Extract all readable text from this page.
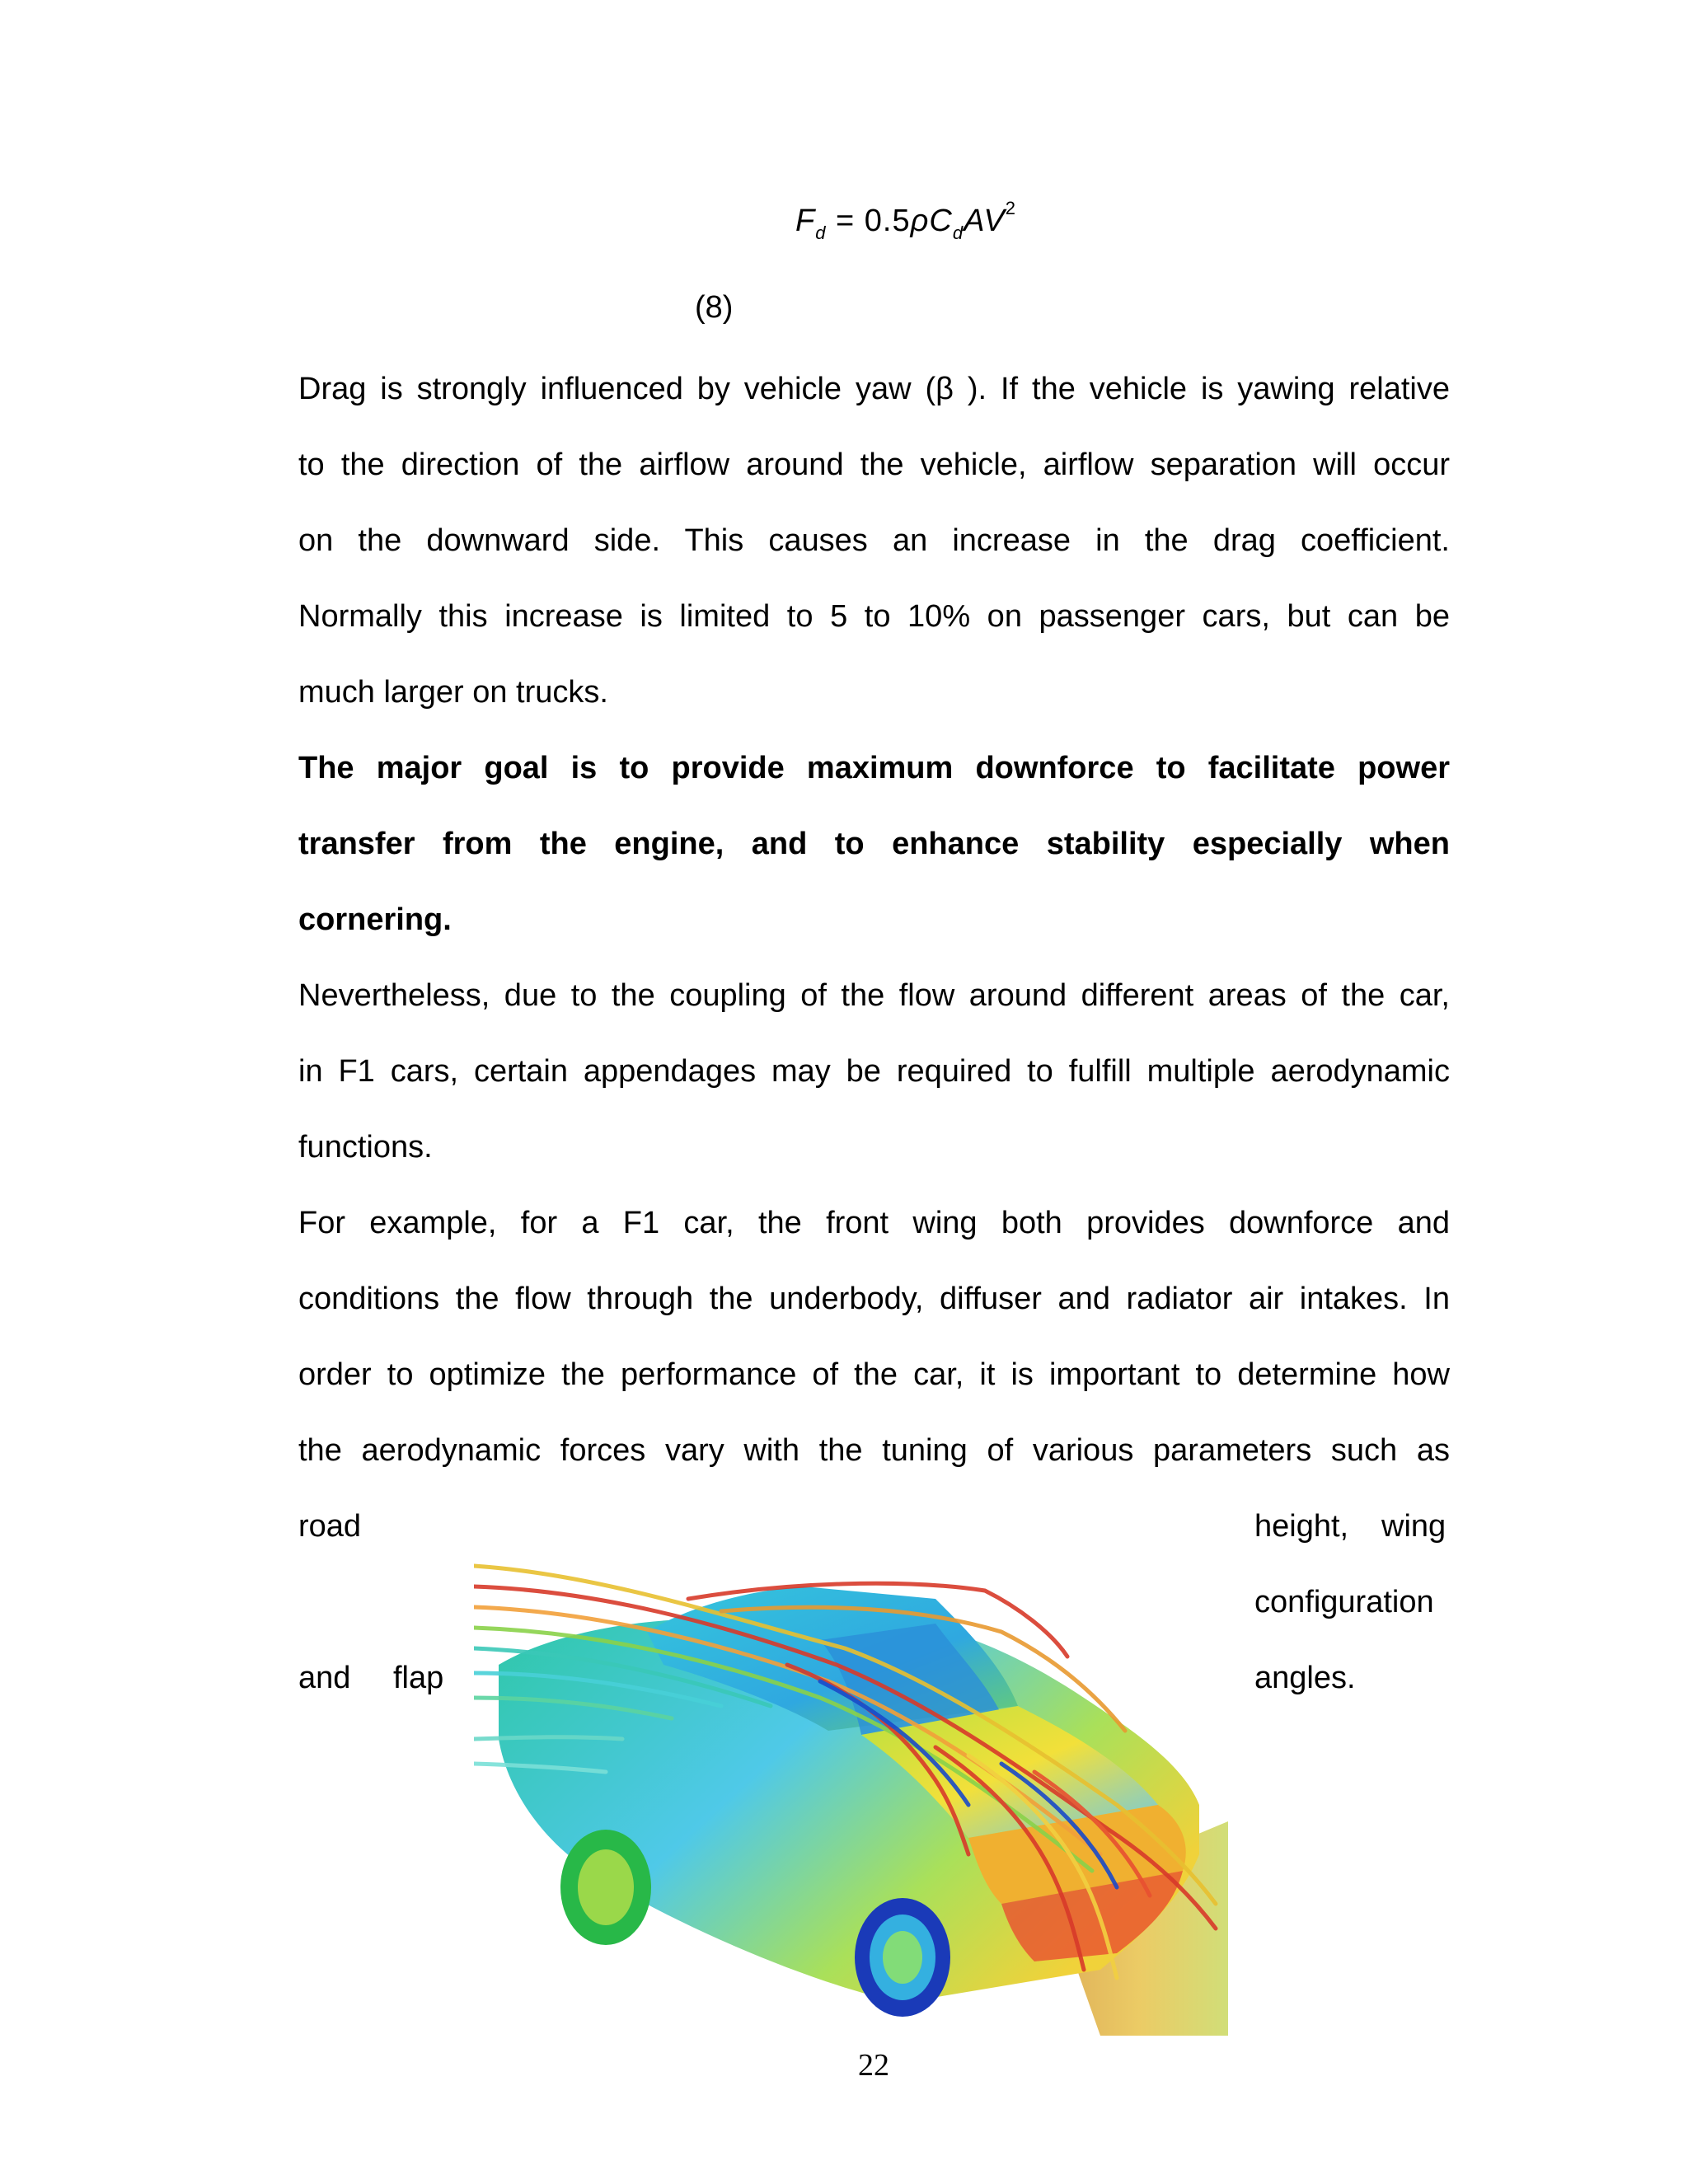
$F_d = 0.5\rho C_dAV^2$
(8)
Drag is strongly influenced by vehicle yaw (β ). If the vehicle is yawing relative
to the direction of the airflow around the vehicle, airflow separation will occur
on the downward side. This causes an increase in the drag coefficient.
Normally this increase is limited to 5 to 10% on passenger cars, but can be
much larger on trucks.
The major goal is to provide maximum downforce to facilitate power
transfer from the engine, and to enhance stability especially when
cornering.
Nevertheless, due to the coupling of the flow around different areas of the car,
in F1 cars, certain appendages may be required to fulfill multiple aerodynamic
functions.
For example, for a F1 car, the front wing both provides downforce and
conditions the flow through the underbody, diffuser and radiator air intakes. In
order to optimize the performance of the car, it is important to determine how
the aerodynamic forces vary with the tuning of various parameters such as
road	height, wing
configuration
and flap	angles.
22
